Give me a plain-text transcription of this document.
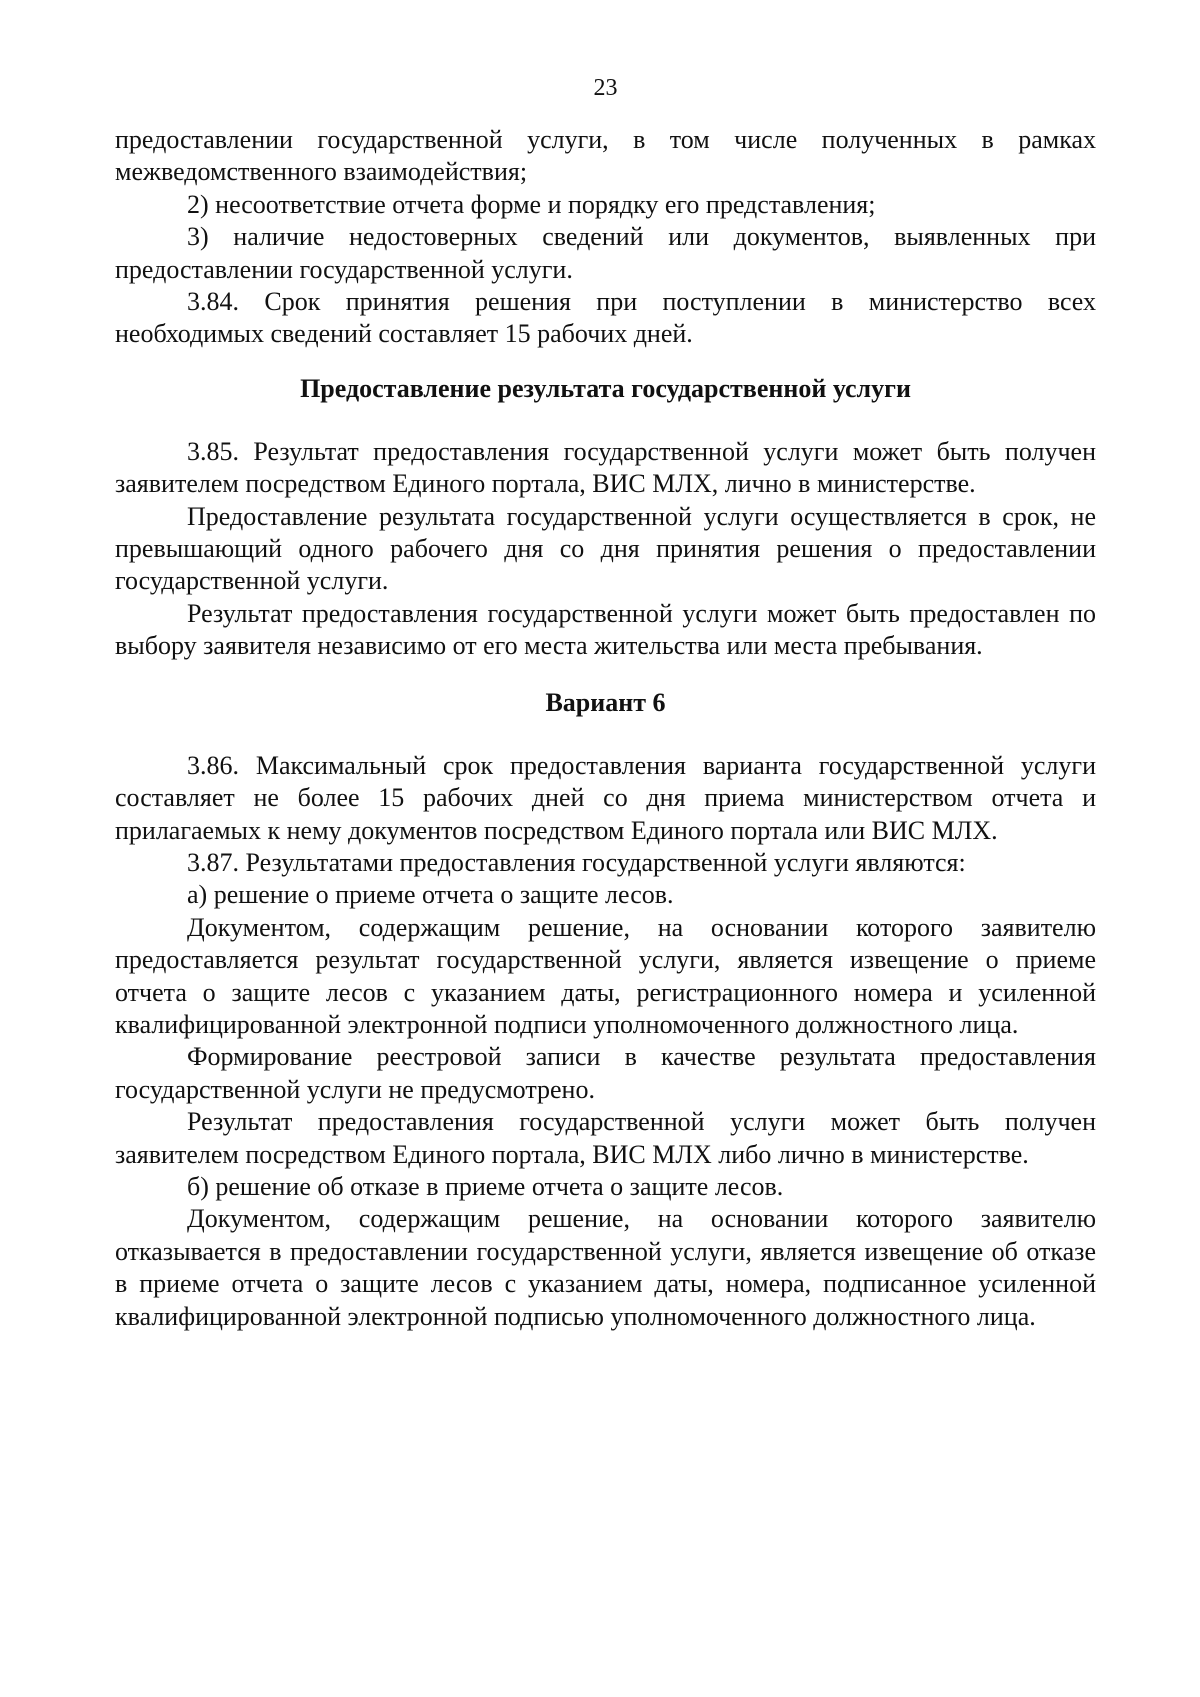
23

предоставлении государственной услуги, в том числе полученных в рамках межведомственного взаимодействия;

2) несоответствие отчета форме и порядку его представления;

3) наличие недостоверных сведений или документов, выявленных при предоставлении государственной услуги.

3.84. Срок принятия решения при поступлении в министерство всех необходимых сведений составляет 15 рабочих дней.

Предоставление результата государственной услуги

3.85. Результат предоставления государственной услуги может быть получен заявителем посредством Единого портала, ВИС МЛХ, лично в министерстве.

Предоставление результата государственной услуги осуществляется в срок, не превышающий одного рабочего дня со дня принятия решения о предоставлении государственной услуги.

Результат предоставления государственной услуги может быть предоставлен по выбору заявителя независимо от его места жительства или места пребывания.

Вариант 6

3.86. Максимальный срок предоставления варианта государственной услуги составляет не более 15 рабочих дней со дня приема министерством отчета и прилагаемых к нему документов посредством Единого портала или ВИС МЛХ.

3.87. Результатами предоставления государственной услуги являются:

а) решение о приеме отчета о защите лесов.

Документом, содержащим решение, на основании которого заявителю предоставляется результат государственной услуги, является извещение о приеме отчета о защите лесов с указанием даты, регистрационного номера и усиленной квалифицированной электронной подписи уполномоченного должностного лица.

Формирование реестровой записи в качестве результата предоставления государственной услуги не предусмотрено.

Результат предоставления государственной услуги может быть получен заявителем посредством Единого портала, ВИС МЛХ либо лично в министерстве.

б) решение об отказе в приеме отчета о защите лесов.

Документом, содержащим решение, на основании которого заявителю отказывается в предоставлении государственной услуги, является извещение об отказе в приеме отчета о защите лесов с указанием даты, номера, подписанное усиленной квалифицированной электронной подписью уполномоченного должностного лица.
